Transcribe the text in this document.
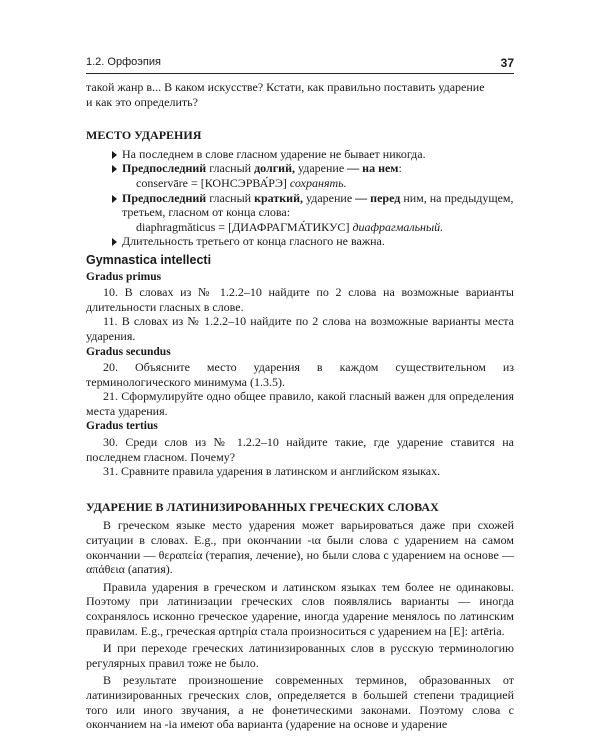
1.2. Орфоэпия	37

такой жанр в... В каком искусстве? Кстати, как правильно поставить ударение

и как это определить?

МЕСТО УДАРЕНИЯ

На последнем в слове гласном ударение не бывает никогда.

Предпоследний гласный долгий, ударение — на нем:

conservāre = [КОНСЭРВА́РЭ] сохранять.

Предпоследний гласный краткий, ударение — перед ним, на предыдущем,

третьем, гласном от конца слова:

diaphragmăticus = [ДИАФРАГМА́ТИКУС] диафрагмальный.

Длительность третьего от конца гласного не важна.

Gymnastica intellecti

Gradus primus

10. В словах из № 1.2.2–10 найдите по 2 слова на возможные варианты длительности гласных в слове.

11. В словах из № 1.2.2–10 найдите по 2 слова на возможные варианты места ударения.

Gradus secundus

20. Объясните место ударения в каждом существительном из терминологического минимума (1.3.5).

21. Сформулируйте одно общее правило, какой гласный важен для определения места ударения.

Gradus tertius

30. Среди слов из № 1.2.2–10 найдите такие, где ударение ставится на последнем гласном. Почему?

31. Сравните правила ударения в латинском и английском языках.

УДАРЕНИЕ В ЛАТИНИЗИРОВАННЫХ ГРЕЧЕСКИХ СЛОВАХ

В греческом языке место ударения может варьироваться даже при схожей ситуации в словах. E.g., при окончании -ια были слова с ударением на самом окончании — θεραπεία (терапия, лечение), но были слова с ударением на основе — απάθεια (апатия).

Правила ударения в греческом и латинском языках тем более не одинаковы. Поэтому при латинизации греческих слов появлялись варианты — иногда сохранялось исконно греческое ударение, иногда ударение менялось по латинским правилам. E.g., греческая αρτηρία стала произноситься с ударением на [E]: artēria.

И при переходе греческих латинизированных слов в русскую терминологию регулярных правил тоже не было.

В результате произношение современных терминов, образованных от латинизированных греческих слов, определяется в большей степени традицией того или иного звучания, а не фонетическими законами. Поэтому слова с окончанием на -ia имеют оба варианта (ударение на основе и ударение
